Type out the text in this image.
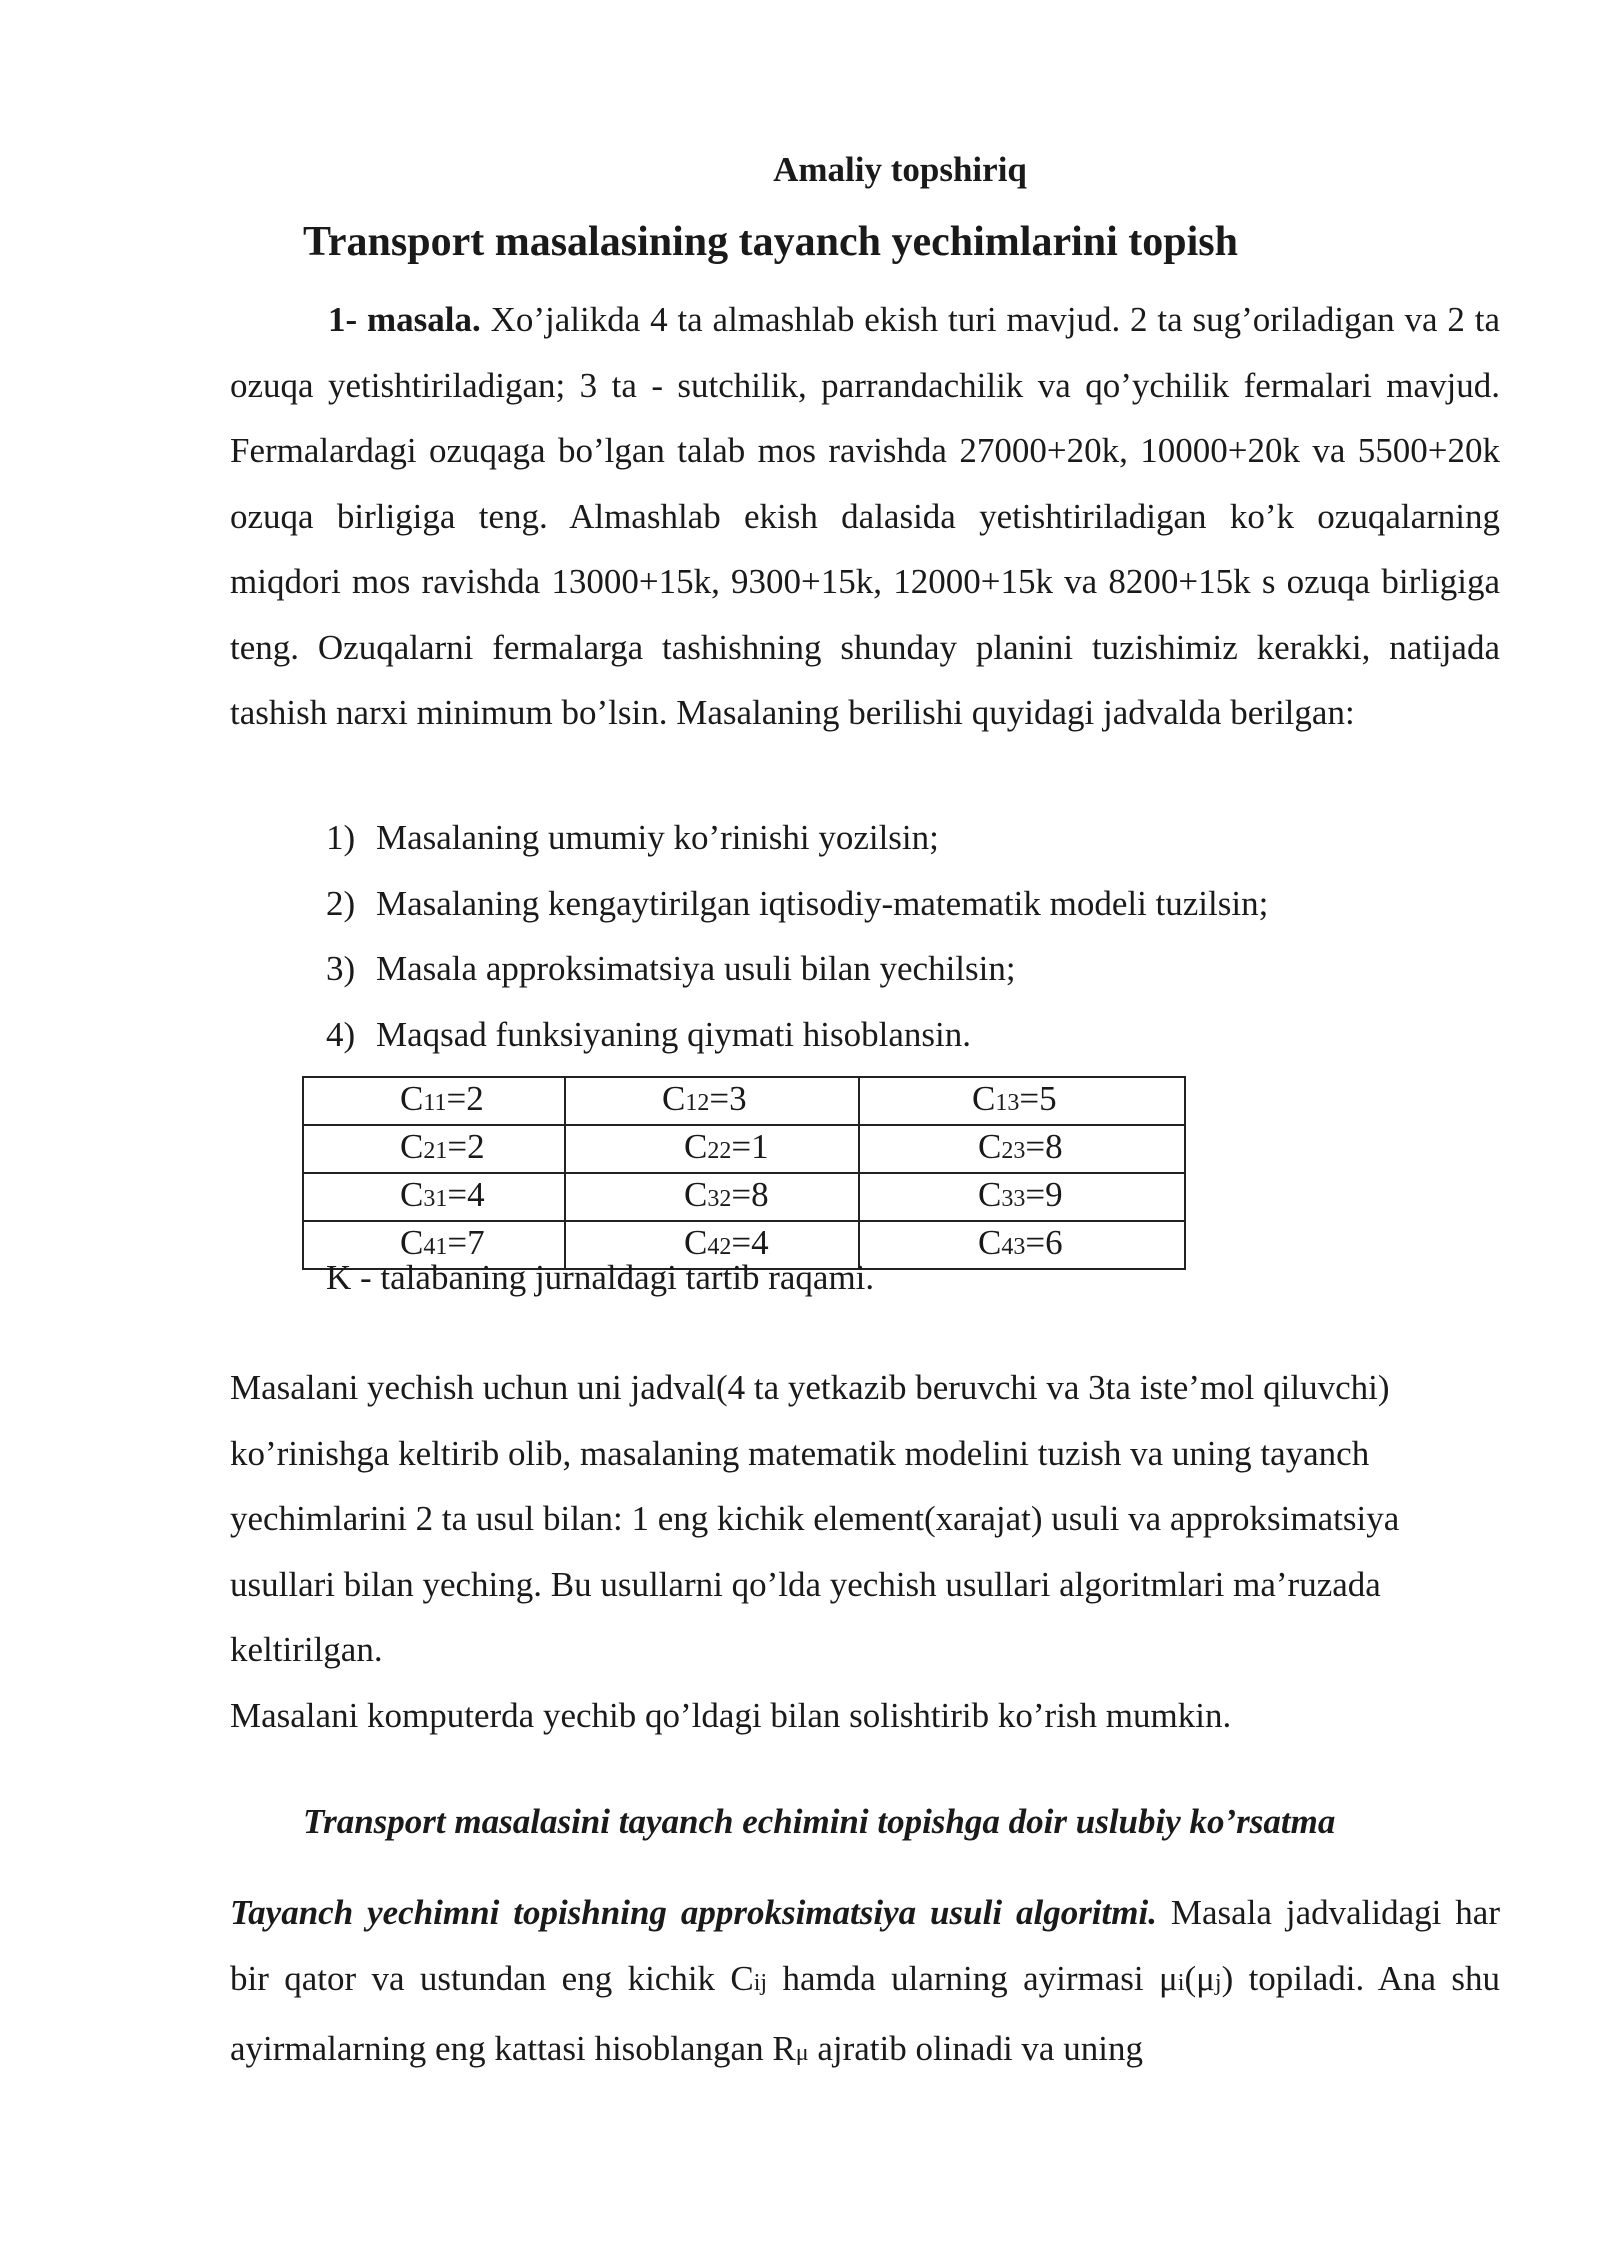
Amaliy topshiriq
Transport masalasining tayanch yechimlarini topish
1- masala. Xo’jalikda 4 ta almashlab ekish turi mavjud. 2 ta sug’oriladigan va 2 ta ozuqa yetishtiriladigan; 3 ta - sutchilik, parrandachilik va qo’ychilik fermalari mavjud. Fermalardagi ozuqaga bo’lgan talab mos ravishda 27000+20k, 10000+20k va 5500+20k ozuqa birligiga teng. Almashlab ekish dalasida yetishtiriladigan ko’k ozuqalarning miqdori mos ravishda 13000+15k, 9300+15k, 12000+15k va 8200+15k s ozuqa birligiga teng. Ozuqalarni fermalarga tashishning shunday planini tuzishimiz kerakki, natijada tashish narxi minimum bo’lsin. Masalaning berilishi quyidagi jadvalda berilgan:
1) Masalaning umumiy ko’rinishi yozilsin;
2) Masalaning kengaytirilgan iqtisodiy-matematik modeli tuzilsin;
3) Masala approksimatsiya usuli bilan yechilsin;
4) Maqsad funksiyaning qiymati hisoblansin.
C11=2	C12=3	C13=5
C21=2	C22=1	C23=8
C31=4	C32=8	C33=9
C41=7	C42=4	C43=6
K - talabaning jurnaldagi tartib raqami.
Masalani yechish uchun uni jadval(4 ta yetkazib beruvchi va 3ta iste’mol qiluvchi) ko’rinishga keltirib olib, masalaning matematik modelini tuzish va uning tayanch yechimlarini 2 ta usul bilan: 1 eng kichik element(xarajat) usuli va approksimatsiya usullari bilan yeching. Bu usullarni qo’lda yechish usullari algoritmlari ma’ruzada keltirilgan.
Masalani komputerda yechib qo’ldagi bilan solishtirib ko’rish mumkin.
Transport masalasini tayanch echimini topishga doir uslubiy ko’rsatma
Tayanch yechimni topishning approksimatsiya usuli algoritmi. Masala jadvalidagi har bir qator va ustundan eng kichik Cij hamda ularning ayirmasi μi(μj) topiladi. Ana shu ayirmalarning eng kattasi hisoblangan Rμ ajratib olinadi va uning
